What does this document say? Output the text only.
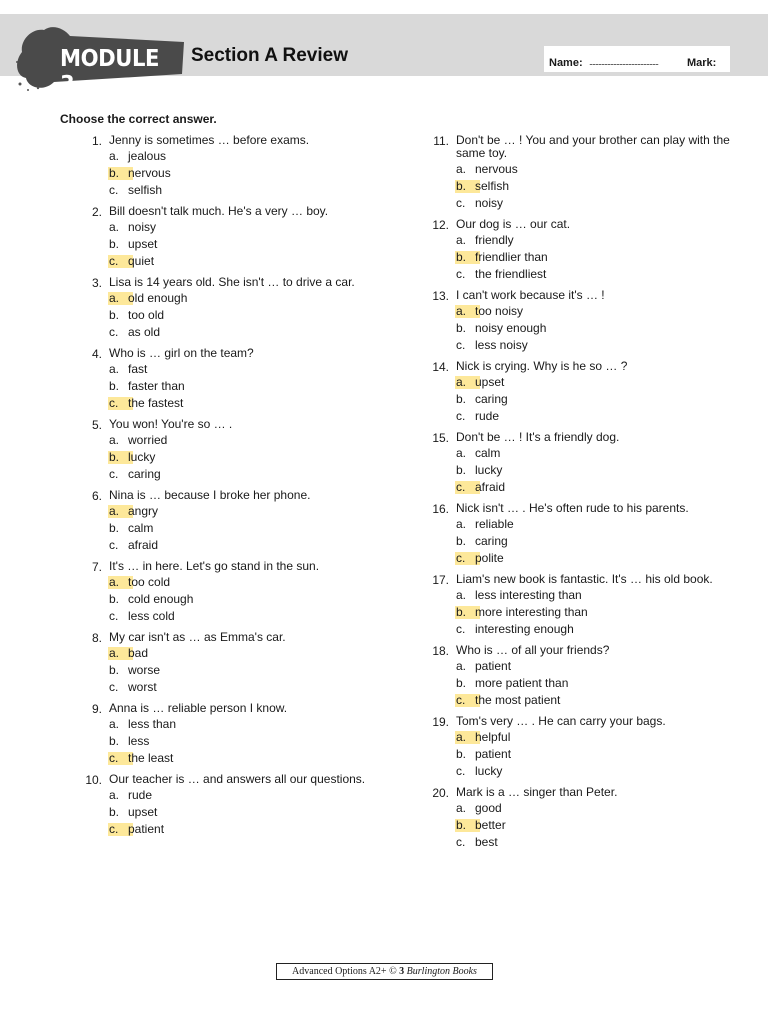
MODULE 3
Section A Review	Name: ..............................................	Mark:
Choose the correct answer.
1. Jenny is sometimes … before exams.
a. jealous
b. nervous
c. selfish
2. Bill doesn't talk much. He's a very … boy.
a. noisy
b. upset
c. quiet
3. Lisa is 14 years old. She isn't … to drive a car.
a. old enough
b. too old
c. as old
4. Who is … girl on the team?
a. fast
b. faster than
c. the fastest
5. You won! You're so … .
a. worried
b. lucky
c. caring
6. Nina is … because I broke her phone.
a. angry
b. calm
c. afraid
7. It's … in here. Let's go stand in the sun.
a. too cold
b. cold enough
c. less cold
8. My car isn't as … as Emma's car.
a. bad
b. worse
c. worst
9. Anna is … reliable person I know.
a. less than
b. less
c. the least
10. Our teacher is … and answers all our questions.
a. rude
b. upset
c. patient
11. Don't be … ! You and your brother can play with the same toy.
a. nervous
b. selfish
c. noisy
12. Our dog is … our cat.
a. friendly
b. friendlier than
c. the friendliest
13. I can't work because it's … !
a. too noisy
b. noisy enough
c. less noisy
14. Nick is crying. Why is he so … ?
a. upset
b. caring
c. rude
15. Don't be … ! It's a friendly dog.
a. calm
b. lucky
c. afraid
16. Nick isn't … . He's often rude to his parents.
a. reliable
b. caring
c. polite
17. Liam's new book is fantastic. It's … his old book.
a. less interesting than
b. more interesting than
c. interesting enough
18. Who is … of all your friends?
a. patient
b. more patient than
c. the most patient
19. Tom's very … . He can carry your bags.
a. helpful
b. patient
c. lucky
20. Mark is a … singer than Peter.
a. good
b. better
c. best
Advanced Options A2+ © 3 Burlington Books
